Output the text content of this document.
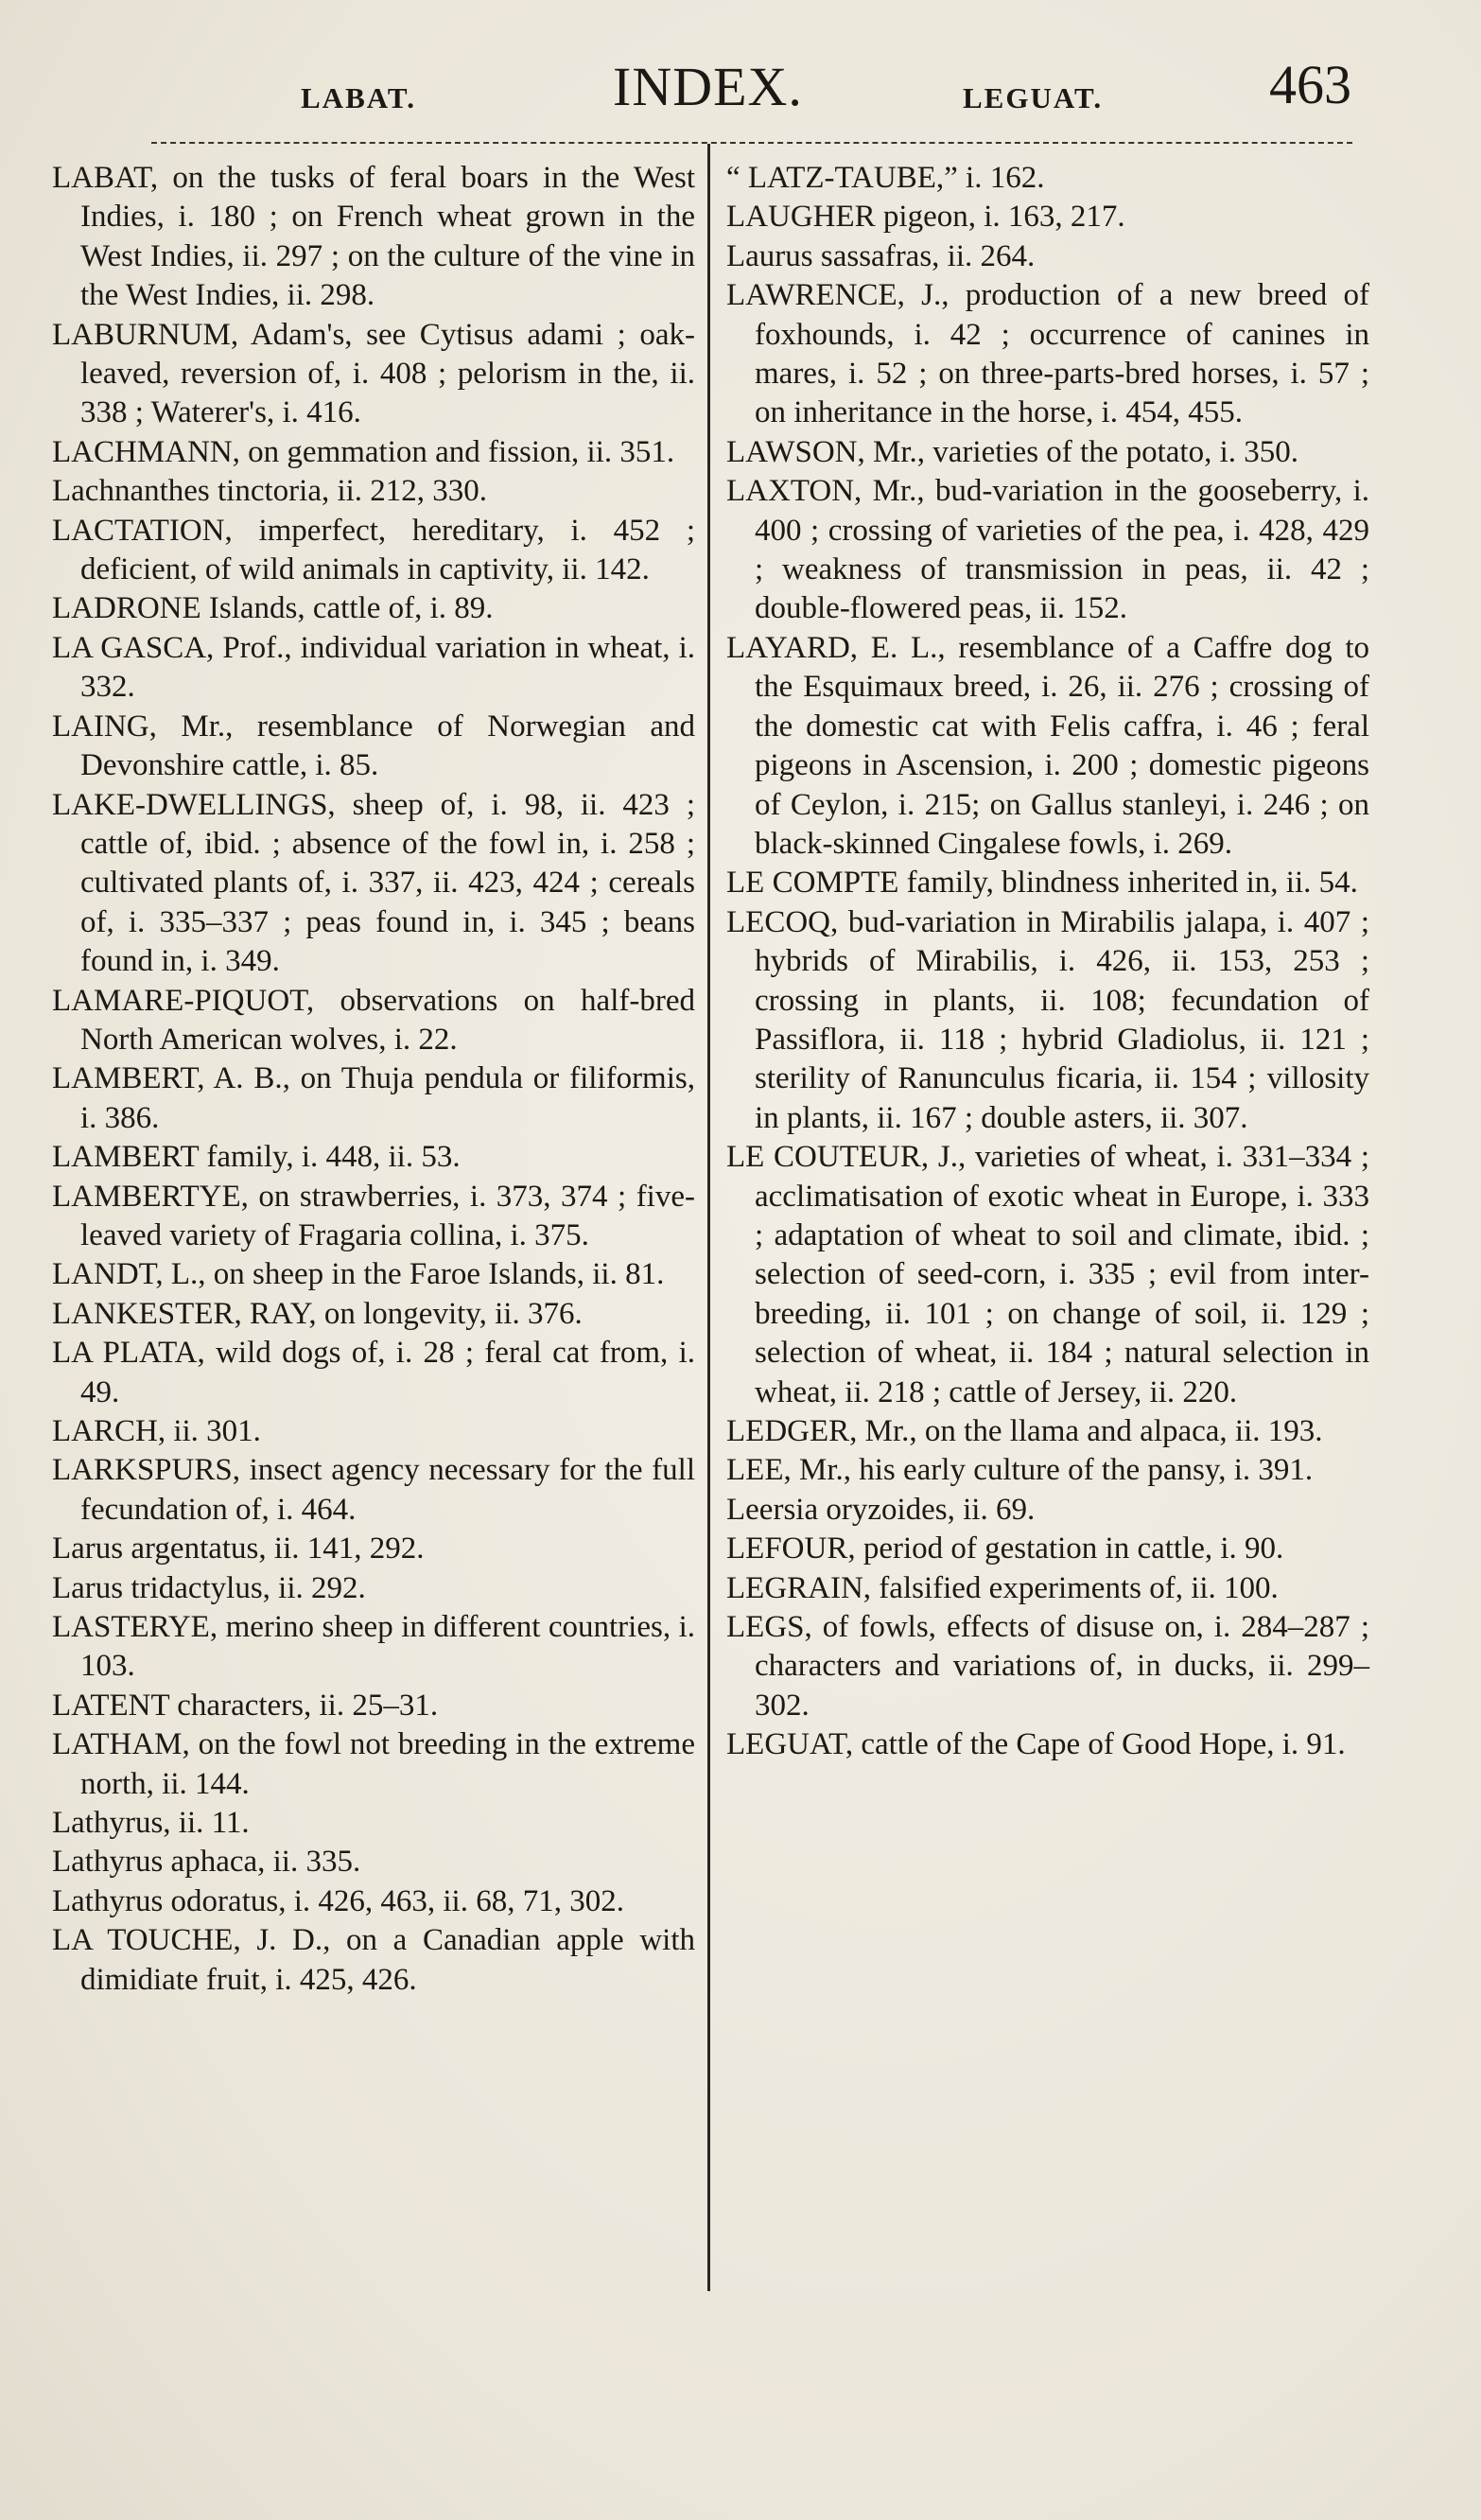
LABAT.	INDEX.	LEGUAT.	463

LABAT, on the tusks of feral boars in the West Indies, i. 180 ; on French wheat grown in the West Indies, ii. 297 ; on the culture of the vine in the West Indies, ii. 298.

LABURNUM, Adam's, see Cytisus adami ; oak-leaved, reversion of, i. 408 ; pelorism in the, ii. 338 ; Waterer's, i. 416.

LACHMANN, on gemmation and fission, ii. 351.

Lachnanthes tinctoria, ii. 212, 330.

LACTATION, imperfect, hereditary, i. 452 ; deficient, of wild animals in captivity, ii. 142.

LADRONE Islands, cattle of, i. 89.

LA GASCA, Prof., individual variation in wheat, i. 332.

LAING, Mr., resemblance of Norwegian and Devonshire cattle, i. 85.

LAKE-DWELLINGS, sheep of, i. 98, ii. 423 ; cattle of, ibid. ; absence of the fowl in, i. 258 ; cultivated plants of, i. 337, ii. 423, 424 ; cereals of, i. 335–337 ; peas found in, i. 345 ; beans found in, i. 349.

LAMARE-PIQUOT, observations on half-bred North American wolves, i. 22.

LAMBERT, A. B., on Thuja pendula or filiformis, i. 386.

LAMBERT family, i. 448, ii. 53.

LAMBERTYE, on strawberries, i. 373, 374 ; five-leaved variety of Fragaria collina, i. 375.

LANDT, L., on sheep in the Faroe Islands, ii. 81.

LANKESTER, RAY, on longevity, ii. 376.

LA PLATA, wild dogs of, i. 28 ; feral cat from, i. 49.

LARCH, ii. 301.

LARKSPURS, insect agency necessary for the full fecundation of, i. 464.

Larus argentatus, ii. 141, 292.

Larus tridactylus, ii. 292.

LASTERYE, merino sheep in different countries, i. 103.

LATENT characters, ii. 25–31.

LATHAM, on the fowl not breeding in the extreme north, ii. 144.

Lathyrus, ii. 11.

Lathyrus aphaca, ii. 335.

Lathyrus odoratus, i. 426, 463, ii. 68, 71, 302.

LA TOUCHE, J. D., on a Canadian apple with dimidiate fruit, i. 425, 426.

“ LATZ-TAUBE,” i. 162.

LAUGHER pigeon, i. 163, 217.

Laurus sassafras, ii. 264.

LAWRENCE, J., production of a new breed of foxhounds, i. 42 ; occurrence of canines in mares, i. 52 ; on three-parts-bred horses, i. 57 ; on inheritance in the horse, i. 454, 455.

LAWSON, Mr., varieties of the potato, i. 350.

LAXTON, Mr., bud-variation in the gooseberry, i. 400 ; crossing of varieties of the pea, i. 428, 429 ; weakness of transmission in peas, ii. 42 ; double-flowered peas, ii. 152.

LAYARD, E. L., resemblance of a Caffre dog to the Esquimaux breed, i. 26, ii. 276 ; crossing of the domestic cat with Felis caffra, i. 46 ; feral pigeons in Ascension, i. 200 ; domestic pigeons of Ceylon, i. 215; on Gallus stanleyi, i. 246 ; on black-skinned Cingalese fowls, i. 269.

LE COMPTE family, blindness inherited in, ii. 54.

LECOQ, bud-variation in Mirabilis jalapa, i. 407 ; hybrids of Mirabilis, i. 426, ii. 153, 253 ; crossing in plants, ii. 108; fecundation of Passiflora, ii. 118 ; hybrid Gladiolus, ii. 121 ; sterility of Ranunculus ficaria, ii. 154 ; villosity in plants, ii. 167 ; double asters, ii. 307.

LE COUTEUR, J., varieties of wheat, i. 331–334 ; acclimatisation of exotic wheat in Europe, i. 333 ; adaptation of wheat to soil and climate, ibid. ; selection of seed-corn, i. 335 ; evil from inter-breeding, ii. 101 ; on change of soil, ii. 129 ; selection of wheat, ii. 184 ; natural selection in wheat, ii. 218 ; cattle of Jersey, ii. 220.

LEDGER, Mr., on the llama and alpaca, ii. 193.

LEE, Mr., his early culture of the pansy, i. 391.

Leersia oryzoides, ii. 69.

LEFOUR, period of gestation in cattle, i. 90.

LEGRAIN, falsified experiments of, ii. 100.

LEGS, of fowls, effects of disuse on, i. 284–287 ; characters and variations of, in ducks, ii. 299–302.

LEGUAT, cattle of the Cape of Good Hope, i. 91.
